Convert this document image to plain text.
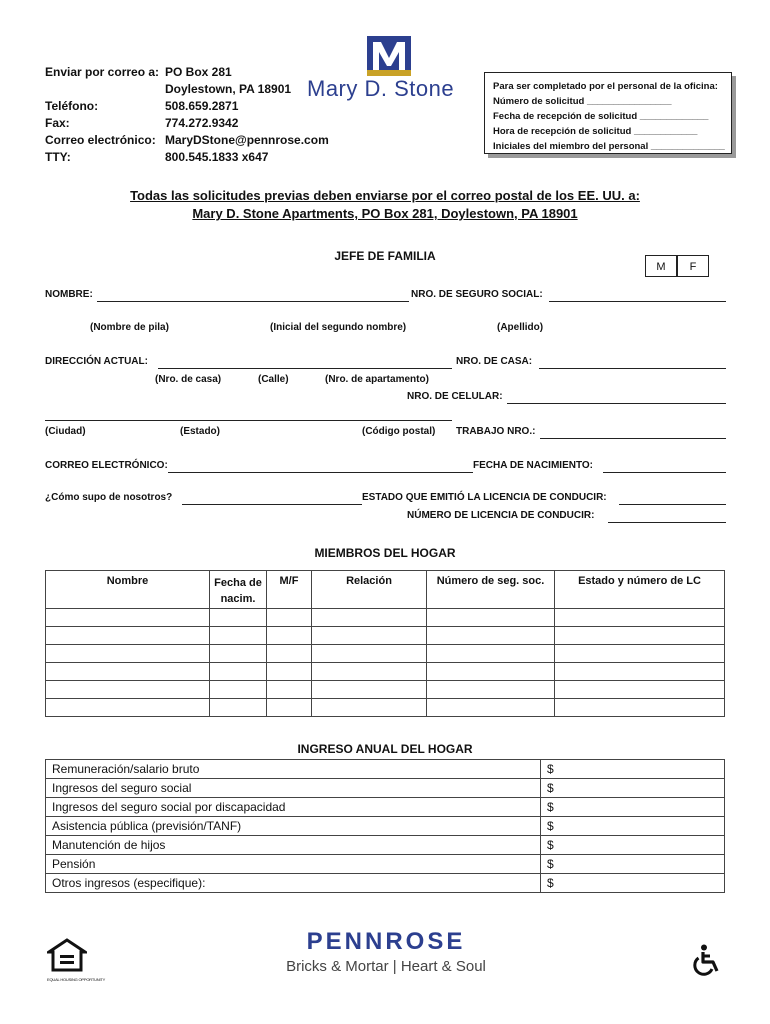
Enviar por correo a: PO Box 281
Doylestown, PA 18901
Teléfono:	508.659.2871
Fax:	774.272.9342
Correo electrónico: MaryDStone@pennrose.com
TTY:	800.545.1833 x647
Mary D. Stone	Para ser completado por el personal de la oficina:
Número de solicitud ________________
Fecha de recepción de solicitud _____________
Hora de recepción de solicitud ____________
Iniciales del miembro del personal ______________
Todas las solicitudes previas deben enviarse por el correo postal de los EE. UU. a:
Mary D. Stone Apartments, PO Box 281, Doylestown, PA 18901
JEFE DE FAMILIA
M	F
NOMBRE:	NRO. DE SEGURO SOCIAL:
(Nombre de pila)	(Inicial del segundo nombre)	(Apellido)
DIRECCIÓN ACTUAL:	NRO. DE CASA:
(Nro. de casa)	(Calle)	(Nro. de apartamento)
NRO. DE CELULAR:
(Ciudad)	(Estado)	(Código postal) TRABAJO NRO.:
CORREO ELECTRÓNICO:	FECHA DE NACIMIENTO:
¿Cómo supo de nosotros?	ESTADO QUE EMITIÓ LA LICENCIA DE CONDUCIR:
NÚMERO DE LICENCIA DE CONDUCIR:
MIEMBROS DEL HOGAR
Nombre	Fecha de nacim.	M/F	Relación	Número de seg. soc.	Estado y número de LC

INGRESO ANUAL DEL HOGAR
Remuneración/salario bruto	$
Ingresos del seguro social	$
Ingresos del seguro social por discapacidad	$
Asistencia pública (previsión/TANF)	$
Manutención de hijos	$
Pensión	$
Otros ingresos (especifique):	$
EQUAL HOUSING OPPORTUNITY
PENNROSE
Bricks & Mortar | Heart & Soul
